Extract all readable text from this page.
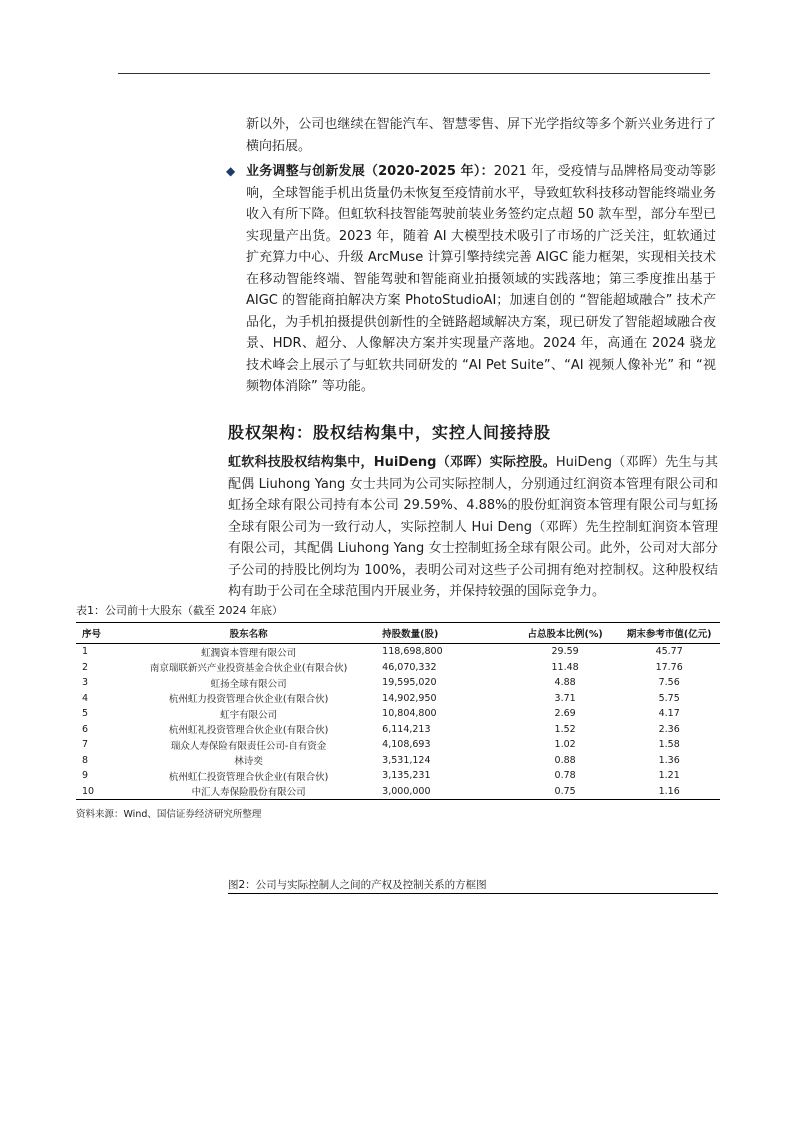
新以外，公司也继续在智能汽车、智慧零售、屏下光学指纹等多个新兴业务进行了横向拓展。
◆ 业务调整与创新发展（2020-2025 年）：2021 年，受疫情与品牌格局变动等影响，全球智能手机出货量仍未恢复至疫情前水平，导致虹软科技移动智能终端业务收入有所下降。但虹软科技智能驾驶前装业务签约定点超 50 款车型，部分车型已实现量产出货。2023 年，随着 AI 大模型技术吸引了市场的广泛关注，虹软通过扩充算力中心、升级 ArcMuse 计算引擎持续完善 AIGC 能力框架，实现相关技术在移动智能终端、智能驾驶和智能商业拍摄领域的实践落地；第三季度推出基于 AIGC 的智能商拍解决方案 PhotoStudioAI；加速自创的 “智能超域融合” 技术产品化，为手机拍摄提供创新性的全链路超域解决方案，现已研发了智能超域融合夜景、HDR、超分、人像解决方案并实现量产落地。2024 年，高通在 2024 骁龙技术峰会上展示了与虹软共同研发的 “AI Pet Suite”、“AI 视频人像补光” 和 “视频物体消除” 等功能。
股权架构：股权结构集中，实控人间接持股
虹软科技股权结构集中，HuiDeng（邓晖）实际控股。HuiDeng（邓晖）先生与其配偶 Liuhong Yang 女士共同为公司实际控制人，分别通过红润资本管理有限公司和虹扬全球有限公司持有本公司 29.59%、4.88%的股份虹润资本管理有限公司与虹扬全球有限公司为一致行动人，实际控制人 Hui Deng（邓晖）先生控制虹润资本管理有限公司，其配偶 Liuhong Yang 女士控制虹扬全球有限公司。此外，公司对大部分子公司的持股比例均为 100%，表明公司对这些子公司拥有绝对控制权。这种股权结构有助于公司在全球范围内开展业务，并保持较强的国际竞争力。
表1：公司前十大股东（截至 2024 年底）
序号	股东名称	持股数量(股)	占总股本比例(%)	期末参考市值(亿元)
1	虹潤資本管理有限公司	118,698,800	29.59	45.77
2	南京瑞联新兴产业投资基金合伙企业(有限合伙)	46,070,332	11.48	17.76
3	虹扬全球有限公司	19,595,020	4.88	7.56
4	杭州虹力投资管理合伙企业(有限合伙)	14,902,950	3.71	5.75
5	虹宇有限公司	10,804,800	2.69	4.17
6	杭州虹礼投资管理合伙企业(有限合伙)	6,114,213	1.52	2.36
7	瑞众人寿保险有限责任公司-自有资金	4,108,693	1.02	1.58
8	林诗奕	3,531,124	0.88	1.36
9	杭州虹仁投资管理合伙企业(有限合伙)	3,135,231	0.78	1.21
10	中汇人寿保险股份有限公司	3,000,000	0.75	1.16
资料来源：Wind、国信证券经济研究所整理
图2：公司与实际控制人之间的产权及控制关系的方框图
